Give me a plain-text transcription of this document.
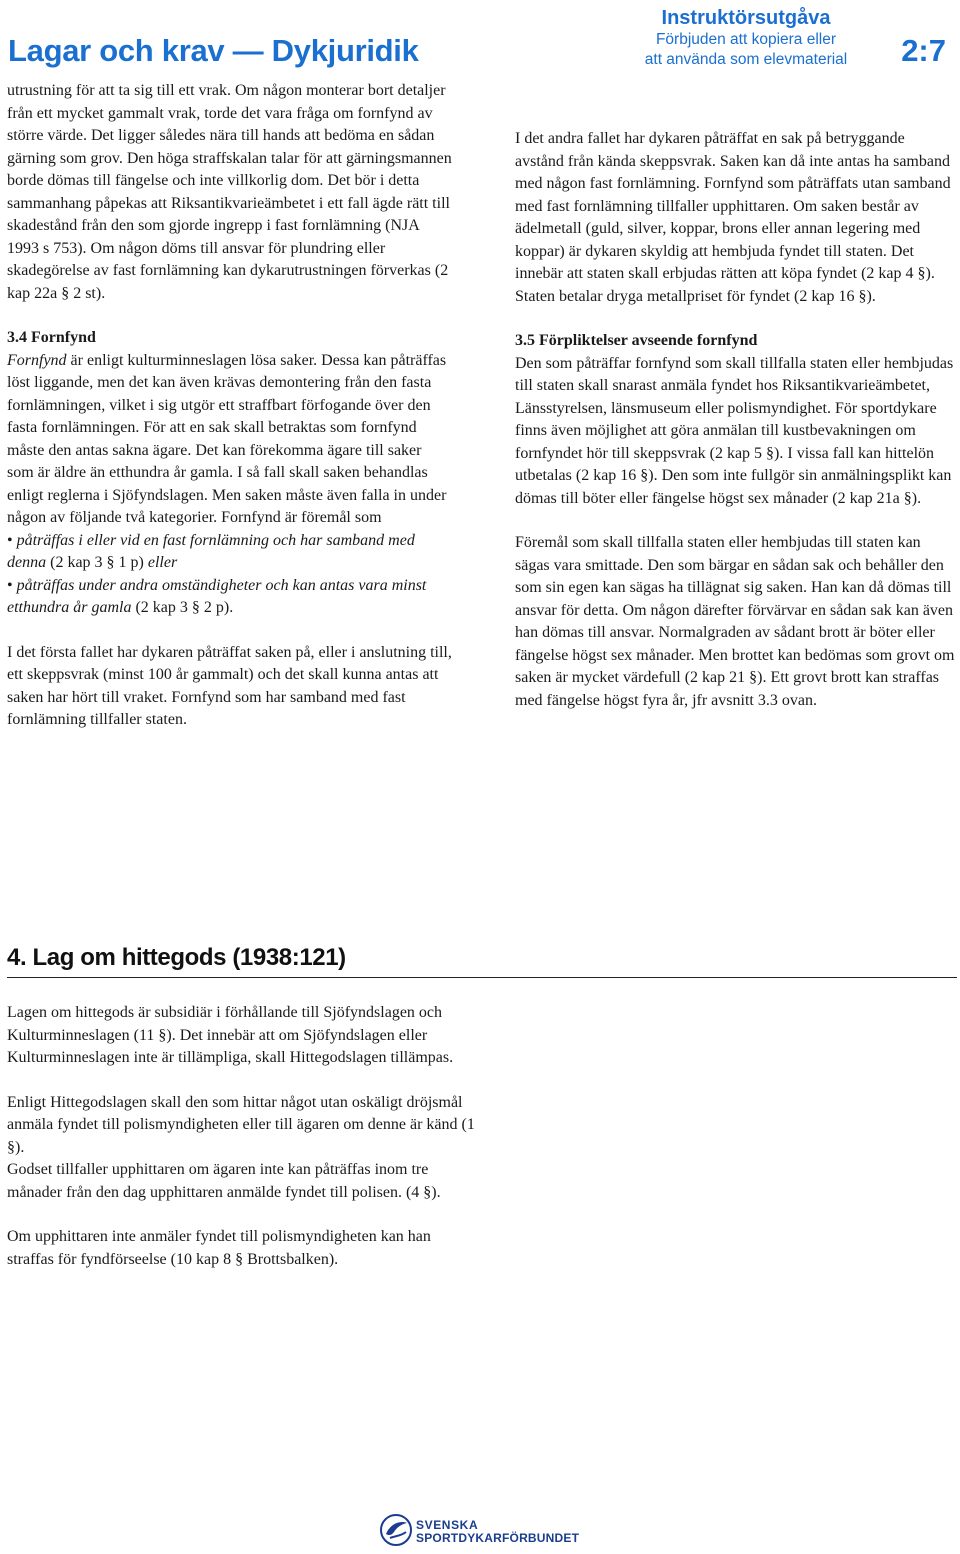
Lagar och krav — Dykjuridik
Instruktörsutgåva
Förbjuden att kopiera eller
att använda som elevmaterial	2:7

utrustning för att ta sig till ett vrak. Om någon monterar bort detaljer från ett mycket gammalt vrak, torde det vara fråga om fornfynd av större värde. Det ligger således nära till hands att bedöma en sådan gärning som grov. Den höga straffskalan talar för att gärningsmannen borde dömas till fängelse och inte villkorlig dom. Det bör i detta sammanhang påpekas att Riksantikvarieämbetet i ett fall ägde rätt till skadestånd från den som gjorde ingrepp i fast fornlämning (NJA 1993 s 753). Om någon döms till ansvar för plundring eller skadegörelse av fast fornlämning kan dykarutrustningen förverkas (2 kap 22a § 2 st).

3.4 Fornfynd

Fornfynd är enligt kulturminneslagen lösa saker. Dessa kan påträffas löst liggande, men det kan även krävas demontering från den fasta fornlämningen, vilket i sig utgör ett straffbart förfogande över den fasta fornlämningen. För att en sak skall betraktas som fornfynd måste den antas sakna ägare. Det kan förekomma ägare till saker som är äldre än etthundra år gamla. I så fall skall saken behandlas enligt reglerna i Sjöfyndslagen. Men saken måste även falla in under någon av följande två kategorier. Fornfynd är föremål som

• påträffas i eller vid en fast fornlämning och har samband med denna (2 kap 3 § 1 p) eller
• påträffas under andra omständigheter och kan antas vara minst etthundra år gamla (2 kap 3 § 2 p).

I det första fallet har dykaren påträffat saken på, eller i anslutning till, ett skeppsvrak (minst 100 år gammalt) och det skall kunna antas att saken har hört till vraket. Fornfynd som har samband med fast fornlämning tillfaller staten.

I det andra fallet har dykaren påträffat en sak på betryggande avstånd från kända skeppsvrak. Saken kan då inte antas ha samband med någon fast fornlämning. Fornfynd som påträffats utan samband med fast fornlämning tillfaller upphittaren. Om saken består av ädelmetall (guld, silver, koppar, brons eller annan legering med koppar) är dykaren skyldig att hembjuda fyndet till staten. Det innebär att staten skall erbjudas rätten att köpa fyndet (2 kap 4 §). Staten betalar dryga metallpriset för fyndet (2 kap 16 §).

3.5 Förpliktelser avseende fornfynd

Den som påträffar fornfynd som skall tillfalla staten eller hembjudas till staten skall snarast anmäla fyndet hos Riksantikvarieämbetet, Länsstyrelsen, länsmuseum eller polismyndighet. För sportdykare finns även möjlighet att göra anmälan till kustbevakningen om fornfyndet hör till skeppsvrak (2 kap 5 §). I vissa fall kan hittelön utbetalas (2 kap 16 §). Den som inte fullgör sin anmälningsplikt kan dömas till böter eller fängelse högst sex månader (2 kap 21a §).

Föremål som skall tillfalla staten eller hembjudas till staten kan sägas vara smittade. Den som bärgar en sådan sak och behåller den som sin egen kan sägas ha tillägnat sig saken. Han kan då dömas till ansvar för detta. Om någon därefter förvärvar en sådan sak kan även han dömas till ansvar. Normalgraden av sådant brott är böter eller fängelse högst sex månader. Men brottet kan bedömas som grovt om saken är mycket värdefull (2 kap 21 §). Ett grovt brott kan straffas med fängelse högst fyra år, jfr avsnitt 3.3 ovan.

4. Lag om hittegods (1938:121)

Lagen om hittegods är subsidiär i förhållande till Sjöfyndslagen och Kulturminneslagen (11 §). Det innebär att om Sjöfyndslagen eller Kulturminneslagen inte är tillämpliga, skall Hittegodslagen tillämpas.

Enligt Hittegodslagen skall den som hittar något utan oskäligt dröjsmål anmäla fyndet till polismyndigheten eller till ägaren om denne är känd (1 §).

Godset tillfaller upphittaren om ägaren inte kan påträffas inom tre månader från den dag upphittaren anmälde fyndet till polisen. (4 §).

Om upphittaren inte anmäler fyndet till polismyndigheten kan han straffas för fyndförseelse (10 kap 8 § Brottsbalken).

SVENSKA
SPORTDYKARFÖRBUNDET
